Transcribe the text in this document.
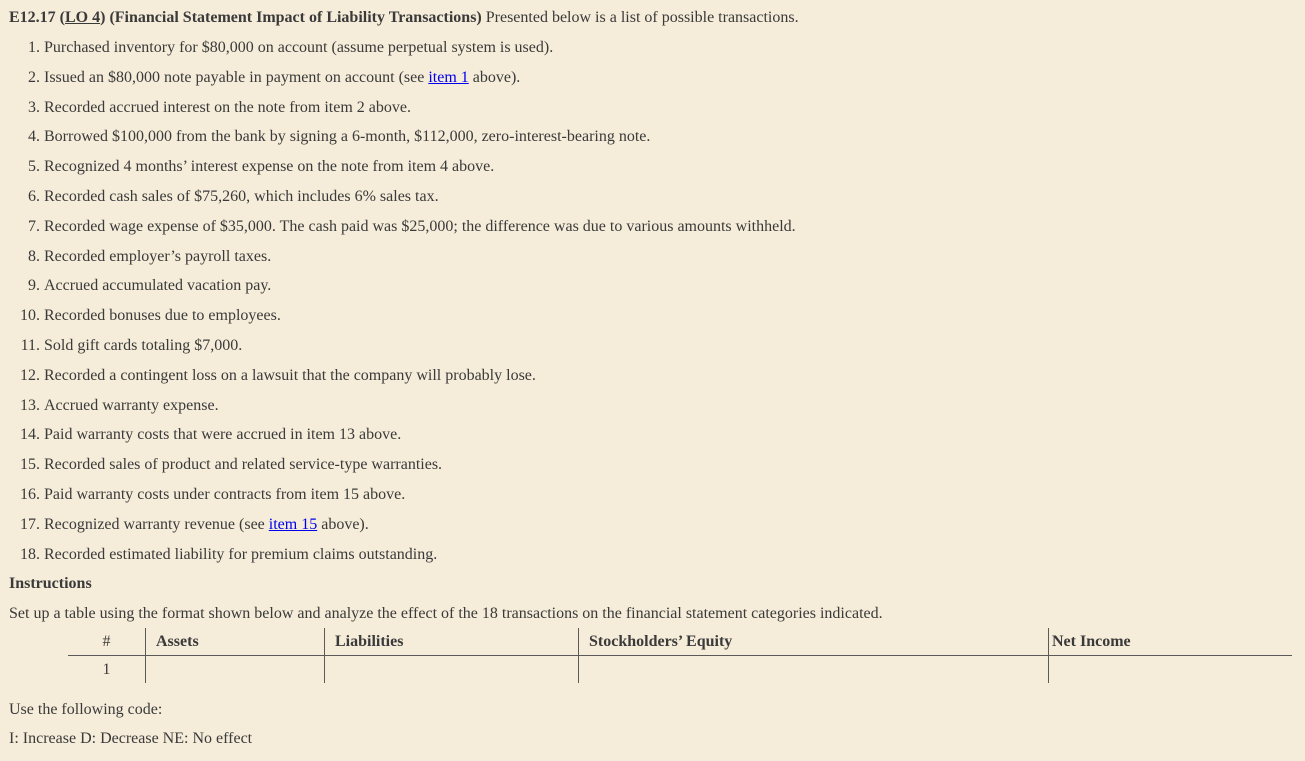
E12.17 (LO 4) (Financial Statement Impact of Liability Transactions) Presented below is a list of possible transactions.
1. Purchased inventory for $80,000 on account (assume perpetual system is used).
2. Issued an $80,000 note payable in payment on account (see item 1 above).
3. Recorded accrued interest on the note from item 2 above.
4. Borrowed $100,000 from the bank by signing a 6-month, $112,000, zero-interest-bearing note.
5. Recognized 4 months’ interest expense on the note from item 4 above.
6. Recorded cash sales of $75,260, which includes 6% sales tax.
7. Recorded wage expense of $35,000. The cash paid was $25,000; the difference was due to various amounts withheld.
8. Recorded employer’s payroll taxes.
9. Accrued accumulated vacation pay.
10. Recorded bonuses due to employees.
11. Sold gift cards totaling $7,000.
12. Recorded a contingent loss on a lawsuit that the company will probably lose.
13. Accrued warranty expense.
14. Paid warranty costs that were accrued in item 13 above.
15. Recorded sales of product and related service-type warranties.
16. Paid warranty costs under contracts from item 15 above.
17. Recognized warranty revenue (see item 15 above).
18. Recorded estimated liability for premium claims outstanding.
Instructions
Set up a table using the format shown below and analyze the effect of the 18 transactions on the financial statement categories indicated.
#	Assets	Liabilities	Stockholders’ Equity	Net Income
1				
Use the following code:
I: Increase D: Decrease NE: No effect
